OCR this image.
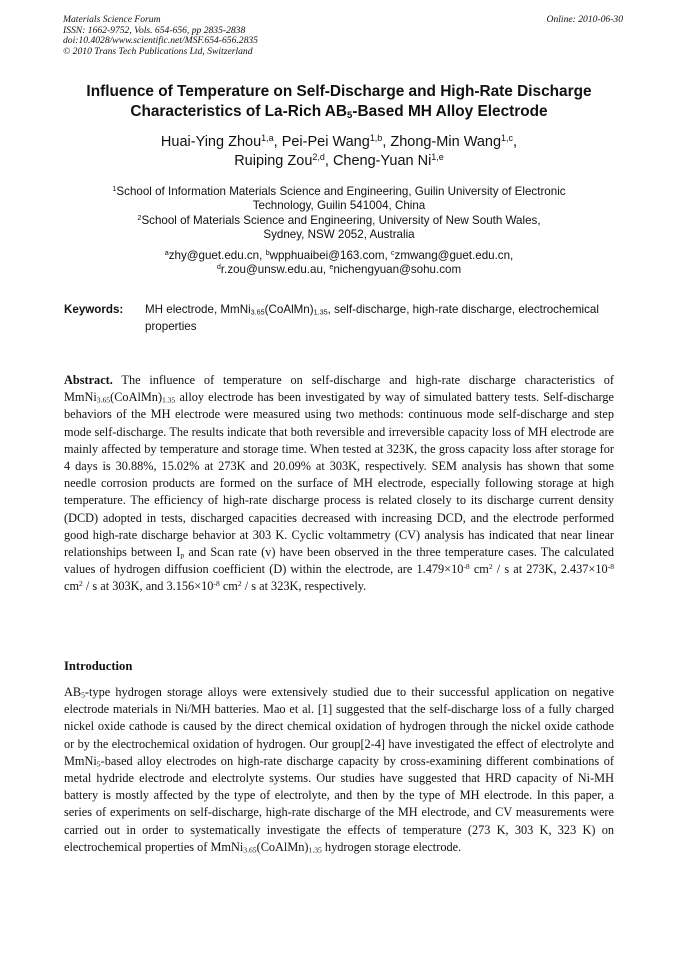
Materials Science Forum
ISSN: 1662-9752, Vols. 654-656, pp 2835-2838
doi:10.4028/www.scientific.net/MSF.654-656.2835
© 2010 Trans Tech Publications Ltd, Switzerland
Online: 2010-06-30
Influence of Temperature on Self-Discharge and High-Rate Discharge
Characteristics of La-Rich $AB_5$-Based MH Alloy Electrode
Huai-Ying Zhou$^{1,a}$, Pei-Pei Wang$^{1,b}$, Zhong-Min Wang$^{1,c}$,
Ruiping Zou$^{2,d}$, Cheng-Yuan Ni$^{1,e}$
$^1$School of Information Materials Science and Engineering, Guilin University of Electronic
Technology, Guilin 541004, China
$^2$School of Materials Science and Engineering, University of New South Wales,
Sydney, NSW 2052, Australia
$^a$zhy@guet.edu.cn, $^b$wpphuaibei@163.com, $^c$zmwang@guet.edu.cn,
$^d$r.zou@unsw.edu.au, $^e$nichengyuan@sohu.com
Keywords: MH electrode, $MmNi_{3.65}(CoAlMn)_{1.35}$, self-discharge, high-rate discharge, electrochemical properties
Abstract. The influence of temperature on self-discharge and high-rate discharge characteristics of $MmNi_{3.65}(CoAlMn)_{1.35}$ alloy electrode has been investigated by way of simulated battery tests. Self-discharge behaviors of the MH electrode were measured using two methods: continuous mode self-discharge and step mode self-discharge. The results indicate that both reversible and irreversible capacity loss of MH electrode are mainly affected by temperature and storage time. When tested at 323K, the gross capacity loss after storage for 4 days is 30.88%, 15.02% at 273K and 20.09% at 303K, respectively. SEM analysis has shown that some needle corrosion products are formed on the surface of MH electrode, especially following storage at high temperature. The efficiency of high-rate discharge process is related closely to its discharge current density (DCD) adopted in tests, discharged capacities decreased with increasing DCD, and the electrode performed good high-rate discharge behavior at 303 K. Cyclic voltammetry (CV) analysis has indicated that near linear relationships between $I_p$ and Scan rate (v) have been observed in the three temperature cases. The calculated values of hydrogen diffusion coefficient (D) within the electrode, are $1.479\times 10^{-8}$ $cm^2$ / s at 273K, $2.437\times 10^{-8}$ $cm^2$ / s at 303K, and $3.156\times 10^{-8}$ $cm^2$ / s at 323K, respectively.
Introduction
$AB_5$-type hydrogen storage alloys were extensively studied due to their successful application on negative electrode materials in Ni/MH batteries. Mao et al. [1] suggested that the self-discharge loss of a fully charged nickel oxide cathode is caused by the direct chemical oxidation of hydrogen through the nickel oxide cathode or by the electrochemical oxidation of hydrogen. Our group[2-4] have investigated the effect of electrolyte and MmNi$_5$-based alloy electrodes on high-rate discharge capacity by cross-examining different combinations of metal hydride electrode and electrolyte systems. Our studies have suggested that HRD capacity of Ni-MH battery is mostly affected by the type of electrolyte, and then by the type of MH electrode. In this paper, a series of experiments on self-discharge, high-rate discharge of the MH electrode, and CV measurements were carried out in order to systematically investigate the effects of temperature (273 K, 303 K, 323 K) on electrochemical properties of $MmNi_{3.65}(CoAlMn)_{1.35}$ hydrogen storage electrode.
